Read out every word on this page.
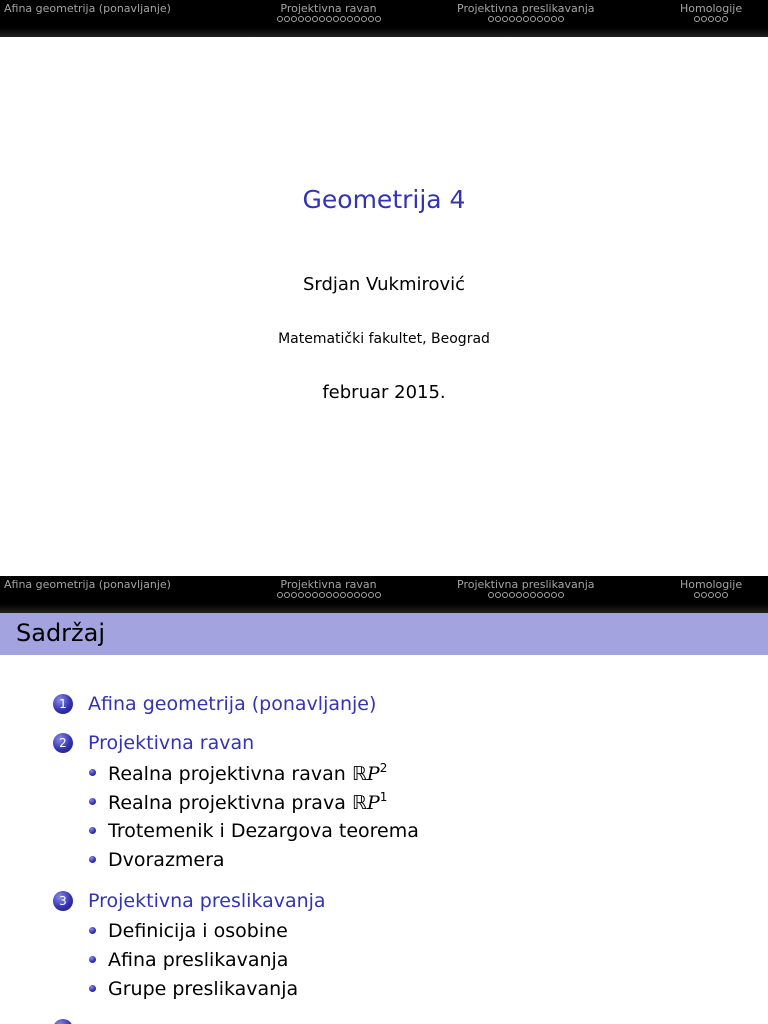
Afina geometrija (ponavljanje)	Projektivna ravan	Projektivna preslikavanja	Homologije
Geometrija 4
Srdjan Vukmirović
Matematički fakultet, Beograd
februar 2015.
Afina geometrija (ponavljanje)	Projektivna ravan	Projektivna preslikavanja	Homologije
Sadržaj
1	Afina geometrija (ponavljanje)
2	Projektivna ravan
Realna projektivna ravan ℝP$^2$
Realna projektivna prava ℝP$^1$
Trotemenik i Dezargova teorema
Dvorazmera
3	Projektivna preslikavanja
Definicija i osobine
Afina preslikavanja
Grupe preslikavanja
